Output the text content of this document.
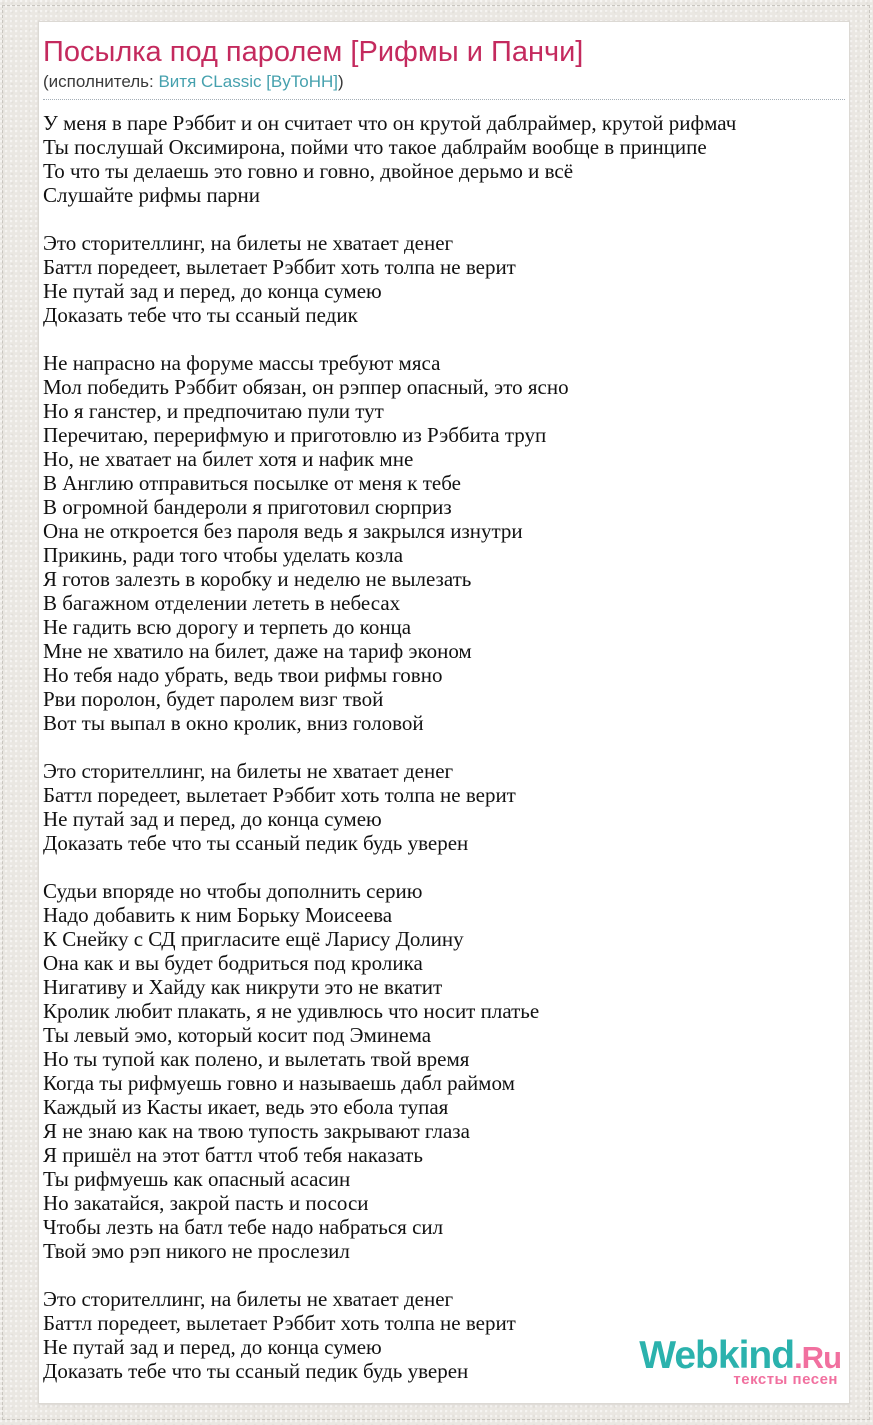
Посылка под паролем [Рифмы и Панчи]
(исполнитель: Витя CLassic [ByToHH])
У меня в паре Рэббит и он считает что он крутой даблраймер, крутой рифмач
Ты послушай Оксимирона, пойми что такое даблрайм вообще в принципе
То что ты делаешь это говно и говно, двойное дерьмо и всё
Слушайте рифмы парни
Это сторителлинг, на билеты не хватает денег
Баттл поредеет, вылетает Рэббит хоть толпа не верит
Не путай зад и перед, до конца сумею
Доказать тебе что ты ссаный педик
Не напрасно на форуме массы требуют мяса
Мол победить Рэббит обязан, он рэппер опасный, это ясно
Но я ганстер, и предпочитаю пули тут
Перечитаю, перерифмую и приготовлю из Рэббита труп
Но, не хватает на билет хотя и нафик мне
В Англию отправиться посылке от меня к тебе
В огромной бандероли я приготовил сюрприз
Она не откроется без пароля ведь я закрылся изнутри
Прикинь, ради того чтобы уделать козла
Я готов залезть в коробку и неделю не вылезать
В багажном отделении лететь в небесах
Не гадить всю дорогу и терпеть до конца
Мне не хватило на билет, даже на тариф эконом
Но тебя надо убрать, ведь твои рифмы говно
Рви поролон, будет паролем визг твой
Вот ты выпал в окно кролик, вниз головой
Это сторителлинг, на билеты не хватает денег
Баттл поредеет, вылетает Рэббит хоть толпа не верит
Не путай зад и перед, до конца сумею
Доказать тебе что ты ссаный педик будь уверен
Судьи впоряде но чтобы дополнить серию
Надо добавить к ним Борьку Моисеева
К Снейку с СД пригласите ещё Ларису Долину
Она как и вы будет бодриться под кролика
Нигативу и Хайду как никрути это не вкатит
Кролик любит плакать, я не удивлюсь что носит платье
Ты левый эмо, который косит под Эминема
Но ты тупой как полено, и вылетать твой время
Когда ты рифмуешь говно и называешь дабл раймом
Каждый из Касты икает, ведь это ебола тупая
Я не знаю как на твою тупость закрывают глаза
Я пришёл на этот баттл чтоб тебя наказать
Ты рифмуешь как опасный асасин
Но закатайся, закрой пасть и пососи
Чтобы лезть на батл тебе надо набраться сил
Твой эмо рэп никого не прослезил
Это сторителлинг, на билеты не хватает денег
Баттл поредеет, вылетает Рэббит хоть толпа не верит
Не путай зад и перед, до конца сумею
Доказать тебе что ты ссаный педик будь уверен	Webkind.Ru
тексты песен
